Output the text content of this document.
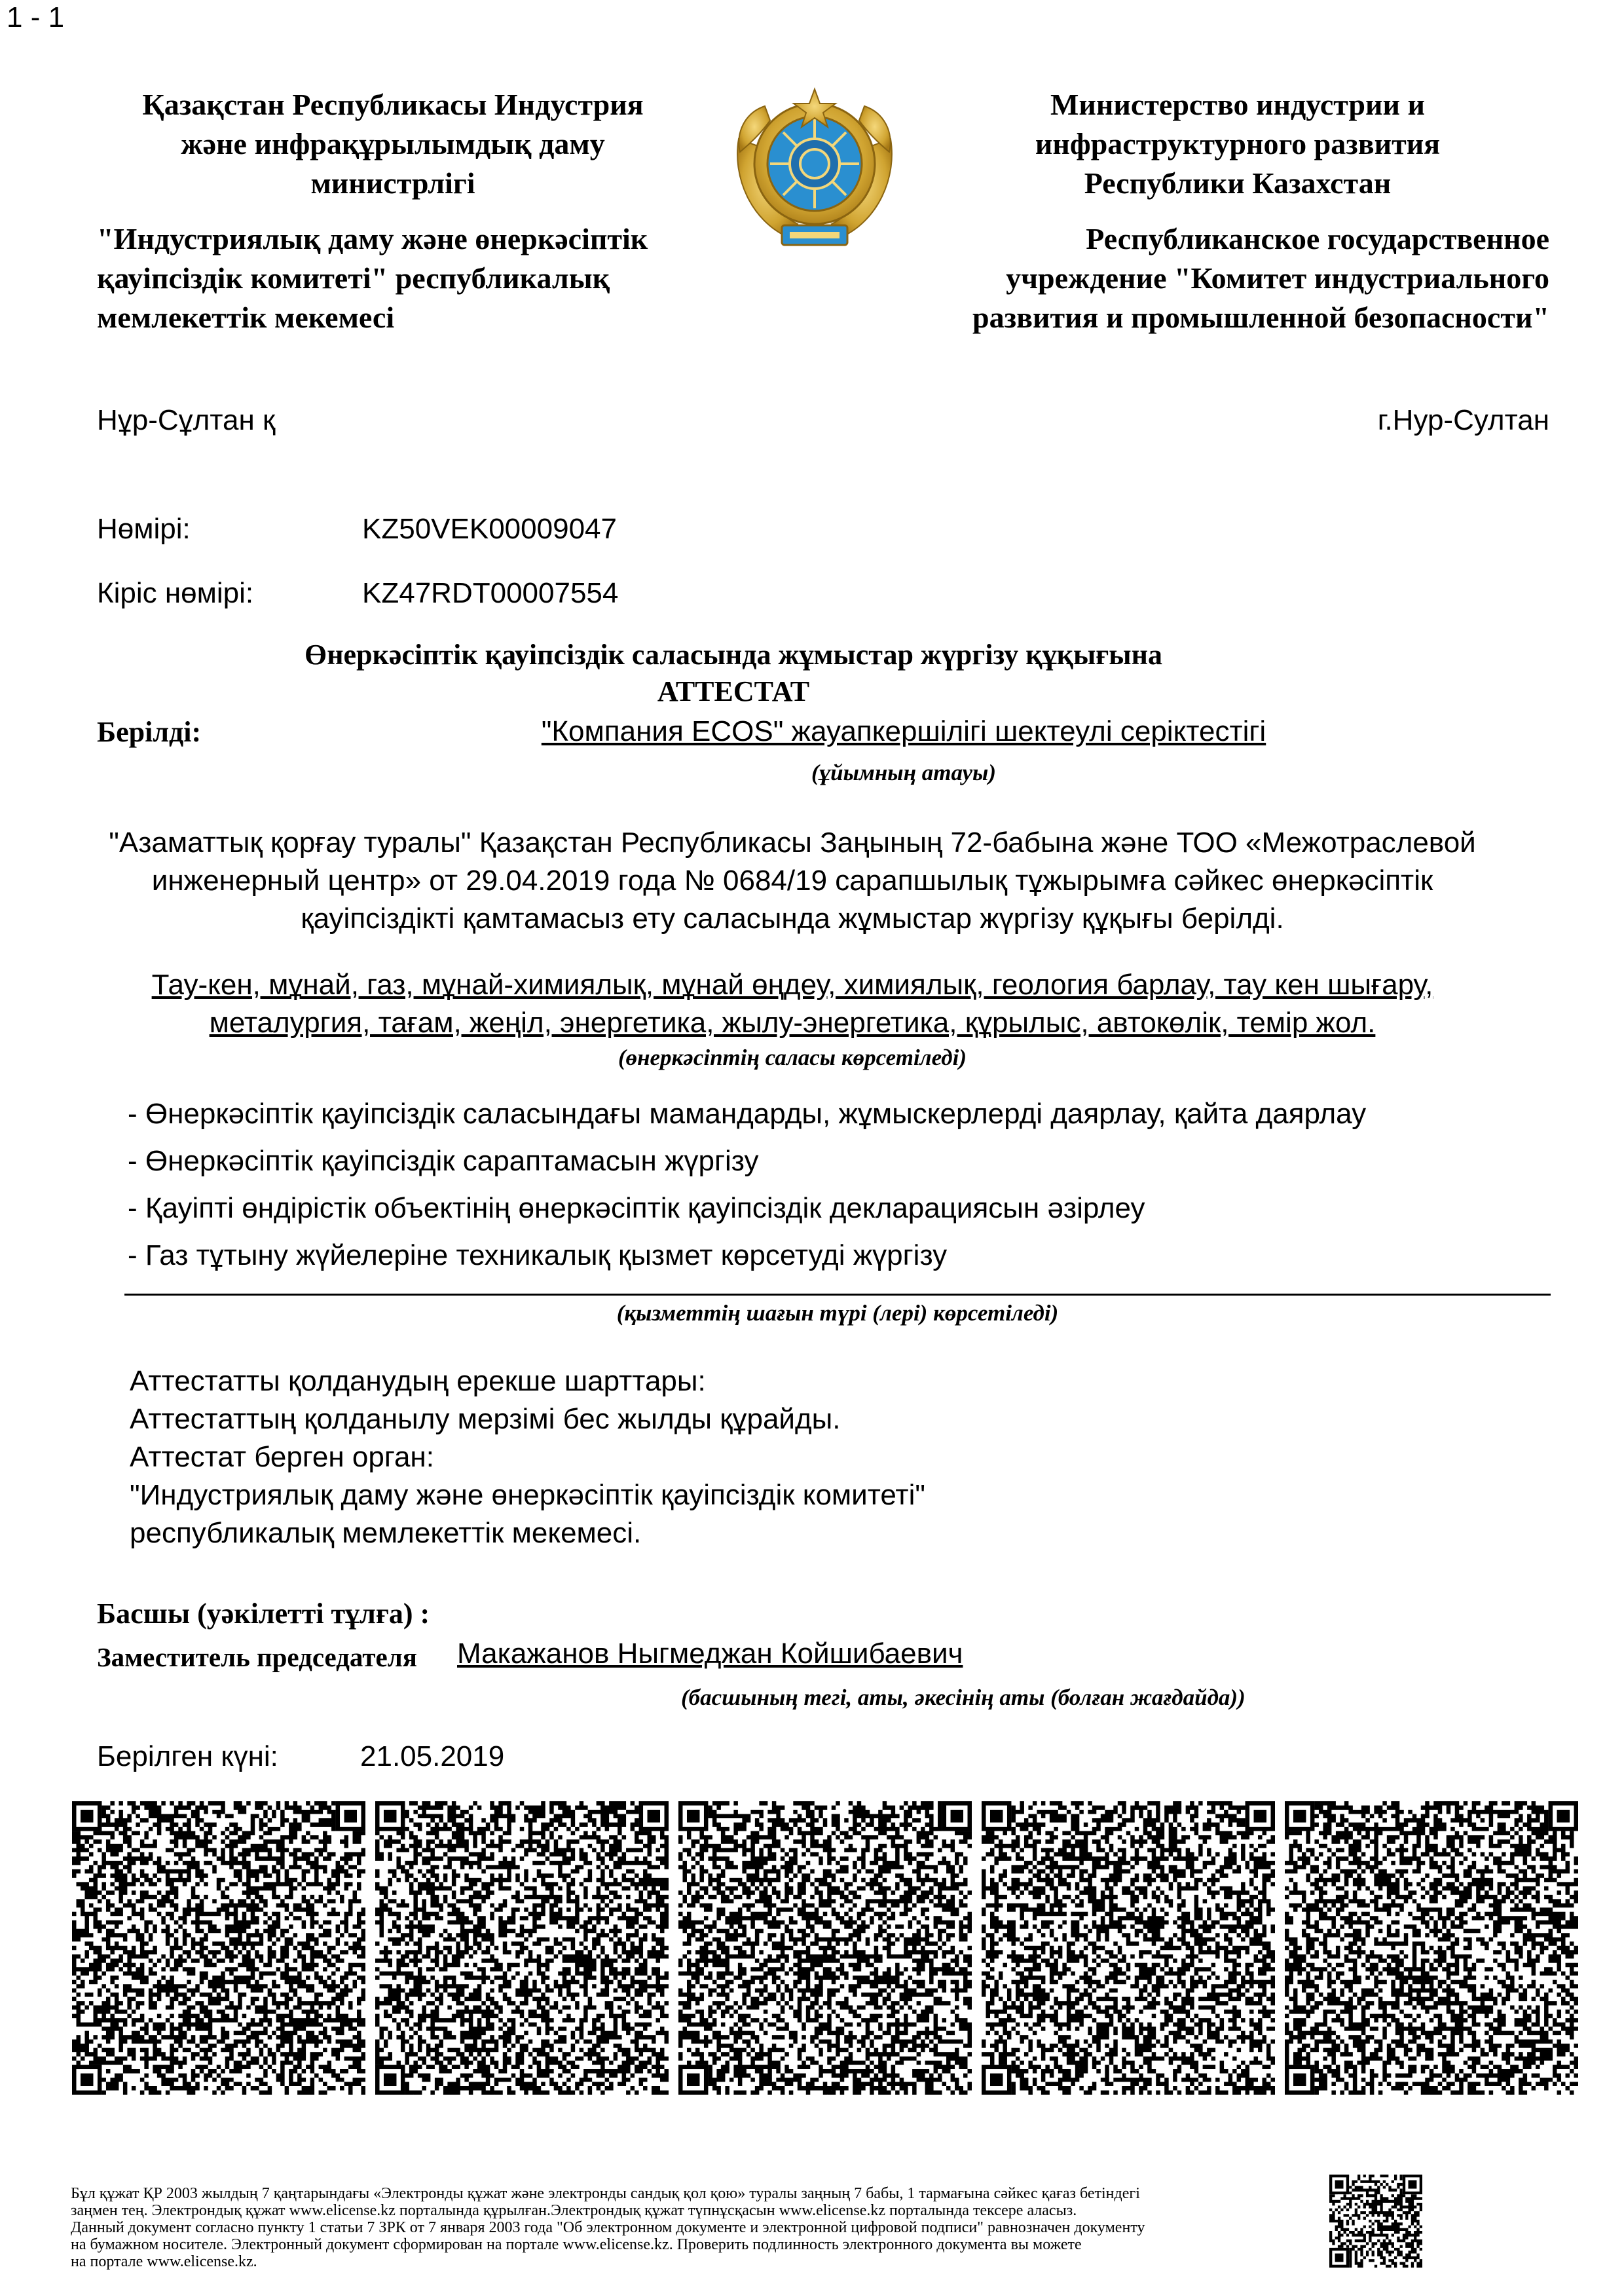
1 - 1
Қазақстан Республикасы Индустрия
және инфрақұрылымдық даму
министрлігі
"Индустриялық даму және өнеркәсіптік
қауіпсіздік комитеті" республикалық
мемлекеттік мекемесі
Министерство индустрии и
инфраструктурного развития
Республики Казахстан
Республиканское государственное
учреждение "Комитет индустриального
развития и промышленной безопасности"
Нұр-Сұлтан қ	г.Нур-Султан
Нөмірі:	KZ50VEK00009047
Кіріс нөмірі:	KZ47RDT00007554
Өнеркәсіптік қауіпсіздік саласында жұмыстар жүргізу құқығына
АТТЕСТАТ
Берілді:	"Компания ECOS" жауапкершілігі шектеулі серіктестігі
(ұйымның атауы)
"Азаматтық қорғау туралы" Қазақстан Республикасы Заңының 72-бабына және ТОО «Межотраслевой
инженерный центр» от 29.04.2019 года № 0684/19 сарапшылық тұжырымға сәйкес өнеркәсіптік
қауіпсіздікті қамтамасыз ету саласында жұмыстар жүргізу құқығы берілді.
Тау-кен, мұнай, газ, мұнай-химиялық, мұнай өңдеу, химиялық, геология барлау, тау кен шығару,
металургия, тағам, жеңіл, энергетика, жылу-энергетика, құрылыс, автокөлік, темір жол.
(өнеркәсіптің саласы көрсетіледі)
- Өнеркәсіптік қауіпсіздік саласындағы мамандарды, жұмыскерлерді даярлау, қайта даярлау
- Өнеркәсіптік қауіпсіздік сараптамасын жүргізу
- Қауіпті өндірістік объектінің өнеркәсіптік қауіпсіздік декларациясын әзірлеу
- Газ тұтыну жүйелеріне техникалық қызмет көрсетуді жүргізу
(қызметтің шағын түрі (лері) көрсетіледі)
Аттестатты қолданудың ерекше шарттары:
Аттестаттың қолданылу мерзімі бес жылды құрайды.
Аттестат берген орган:
"Индустриялық даму және өнеркәсіптік қауіпсіздік комитеті"
республикалық мемлекеттік мекемесі.
Басшы (уәкілетті тұлға) :
Заместитель председателя Макажанов Ныгмеджан Койшибаевич
(басшының тегі, аты, әкесінің аты (болған жағдайда))
Берілген күні:	21.05.2019
Бұл құжат ҚР 2003 жылдың 7 қаңтарындағы «Электронды құжат және электронды сандық қол қою» туралы заңның 7 бабы, 1 тармағына сәйкес қағаз бетіндегі
заңмен тең. Электрондық құжат www.elicense.kz порталында құрылған.Электрондық құжат түпнұсқасын www.elicense.kz порталында тексере аласыз.
Данный документ согласно пункту 1 статьи 7 ЗРК от 7 января 2003 года "Об электронном документе и электронной цифровой подписи" равнозначен документу
на бумажном носителе. Электронный документ сформирован на портале www.elicense.kz. Проверить подлинность электронного документа вы можете
на портале www.elicense.kz.
